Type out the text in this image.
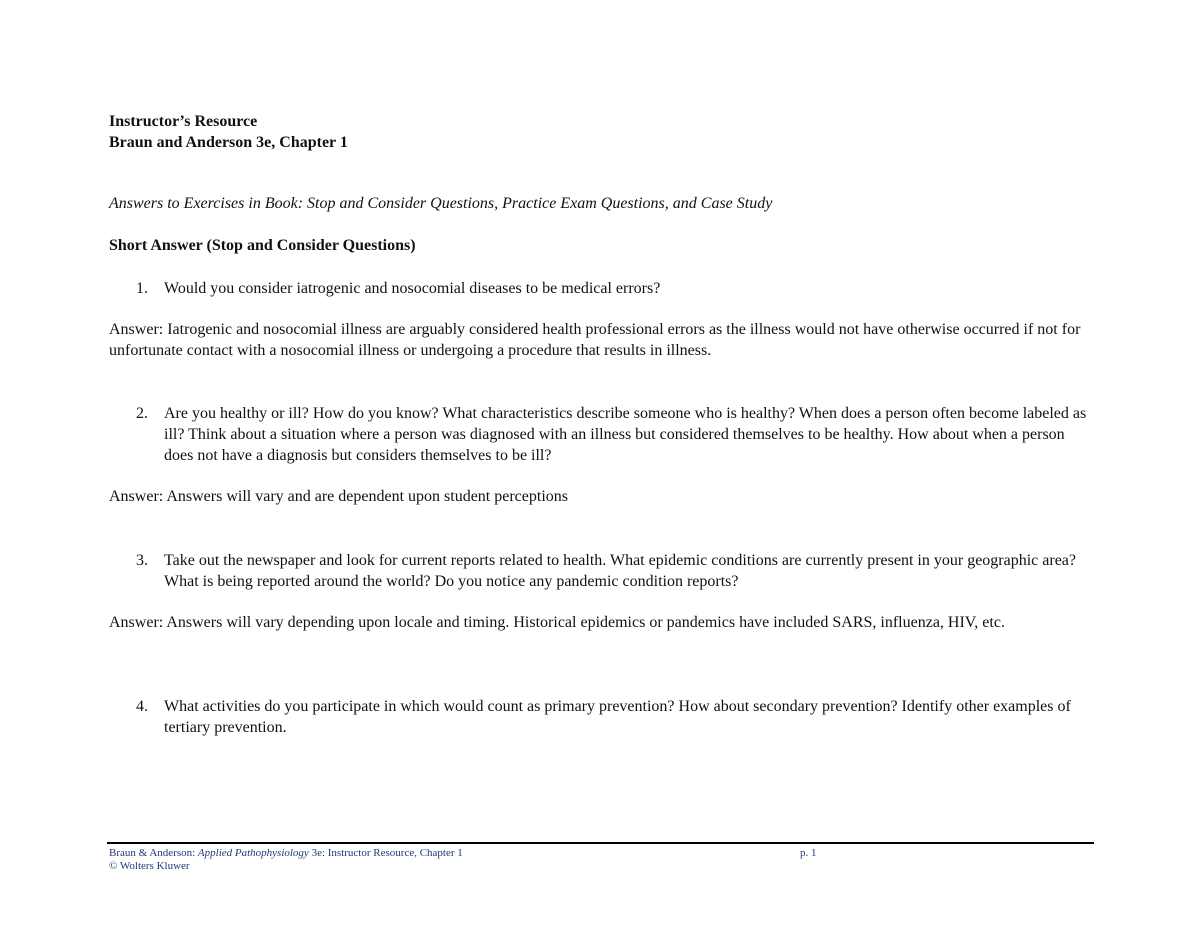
Instructor’s Resource
Braun and Anderson 3e, Chapter 1
Answers to Exercises in Book: Stop and Consider Questions, Practice Exam Questions, and Case Study
Short Answer (Stop and Consider Questions)
1.	Would you consider iatrogenic and nosocomial diseases to be medical errors?
Answer: Iatrogenic and nosocomial illness are arguably considered health professional errors as the illness would not have otherwise occurred if not for unfortunate contact with a nosocomial illness or undergoing a procedure that results in illness.
2.	Are you healthy or ill? How do you know? What characteristics describe someone who is healthy? When does a person often become labeled as ill? Think about a situation where a person was diagnosed with an illness but considered themselves to be healthy. How about when a person does not have a diagnosis but considers themselves to be ill?
Answer: Answers will vary and are dependent upon student perceptions
3.	Take out the newspaper and look for current reports related to health. What epidemic conditions are currently present in your geographic area? What is being reported around the world? Do you notice any pandemic condition reports?
Answer: Answers will vary depending upon locale and timing. Historical epidemics or pandemics have included SARS, influenza, HIV, etc.
4.	What activities do you participate in which would count as primary prevention? How about secondary prevention? Identify other examples of tertiary prevention.
Braun & Anderson: Applied Pathophysiology 3e: Instructor Resource, Chapter 1
© Wolters Kluwer
p. 1
